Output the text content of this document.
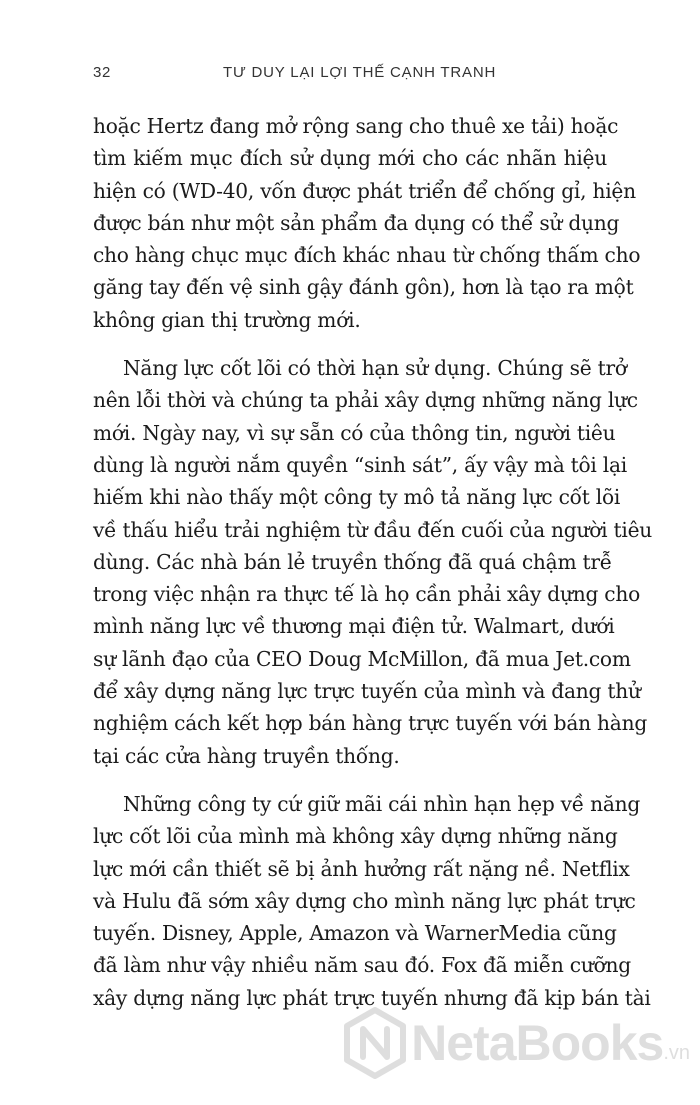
32	TƯ DUY LẠI LỢI THẾ CẠNH TRANH

hoặc Hertz đang mở rộng sang cho thuê xe tải) hoặc
tìm kiếm mục đích sử dụng mới cho các nhãn hiệu
hiện có (WD-40, vốn được phát triển để chống gỉ, hiện
được bán như một sản phẩm đa dụng có thể sử dụng
cho hàng chục mục đích khác nhau từ chống thấm cho
găng tay đến vệ sinh gậy đánh gôn), hơn là tạo ra một
không gian thị trường mới.

Năng lực cốt lõi có thời hạn sử dụng. Chúng sẽ trở
nên lỗi thời và chúng ta phải xây dựng những năng lực
mới. Ngày nay, vì sự sẵn có của thông tin, người tiêu
dùng là người nắm quyền “sinh sát”, ấy vậy mà tôi lại
hiếm khi nào thấy một công ty mô tả năng lực cốt lõi
về thấu hiểu trải nghiệm từ đầu đến cuối của người tiêu
dùng. Các nhà bán lẻ truyền thống đã quá chậm trễ
trong việc nhận ra thực tế là họ cần phải xây dựng cho
mình năng lực về thương mại điện tử. Walmart, dưới
sự lãnh đạo của CEO Doug McMillon, đã mua Jet.com
để xây dựng năng lực trực tuyến của mình và đang thử
nghiệm cách kết hợp bán hàng trực tuyến với bán hàng
tại các cửa hàng truyền thống.

Những công ty cứ giữ mãi cái nhìn hạn hẹp về năng
lực cốt lõi của mình mà không xây dựng những năng
lực mới cần thiết sẽ bị ảnh hưởng rất nặng nề. Netflix
và Hulu đã sớm xây dựng cho mình năng lực phát trực
tuyến. Disney, Apple, Amazon và WarnerMedia cũng
đã làm như vậy nhiều năm sau đó. Fox đã miễn cưỡng
xây dựng năng lực phát trực tuyến nhưng đã kịp bán tài

NetaBooks .vn
